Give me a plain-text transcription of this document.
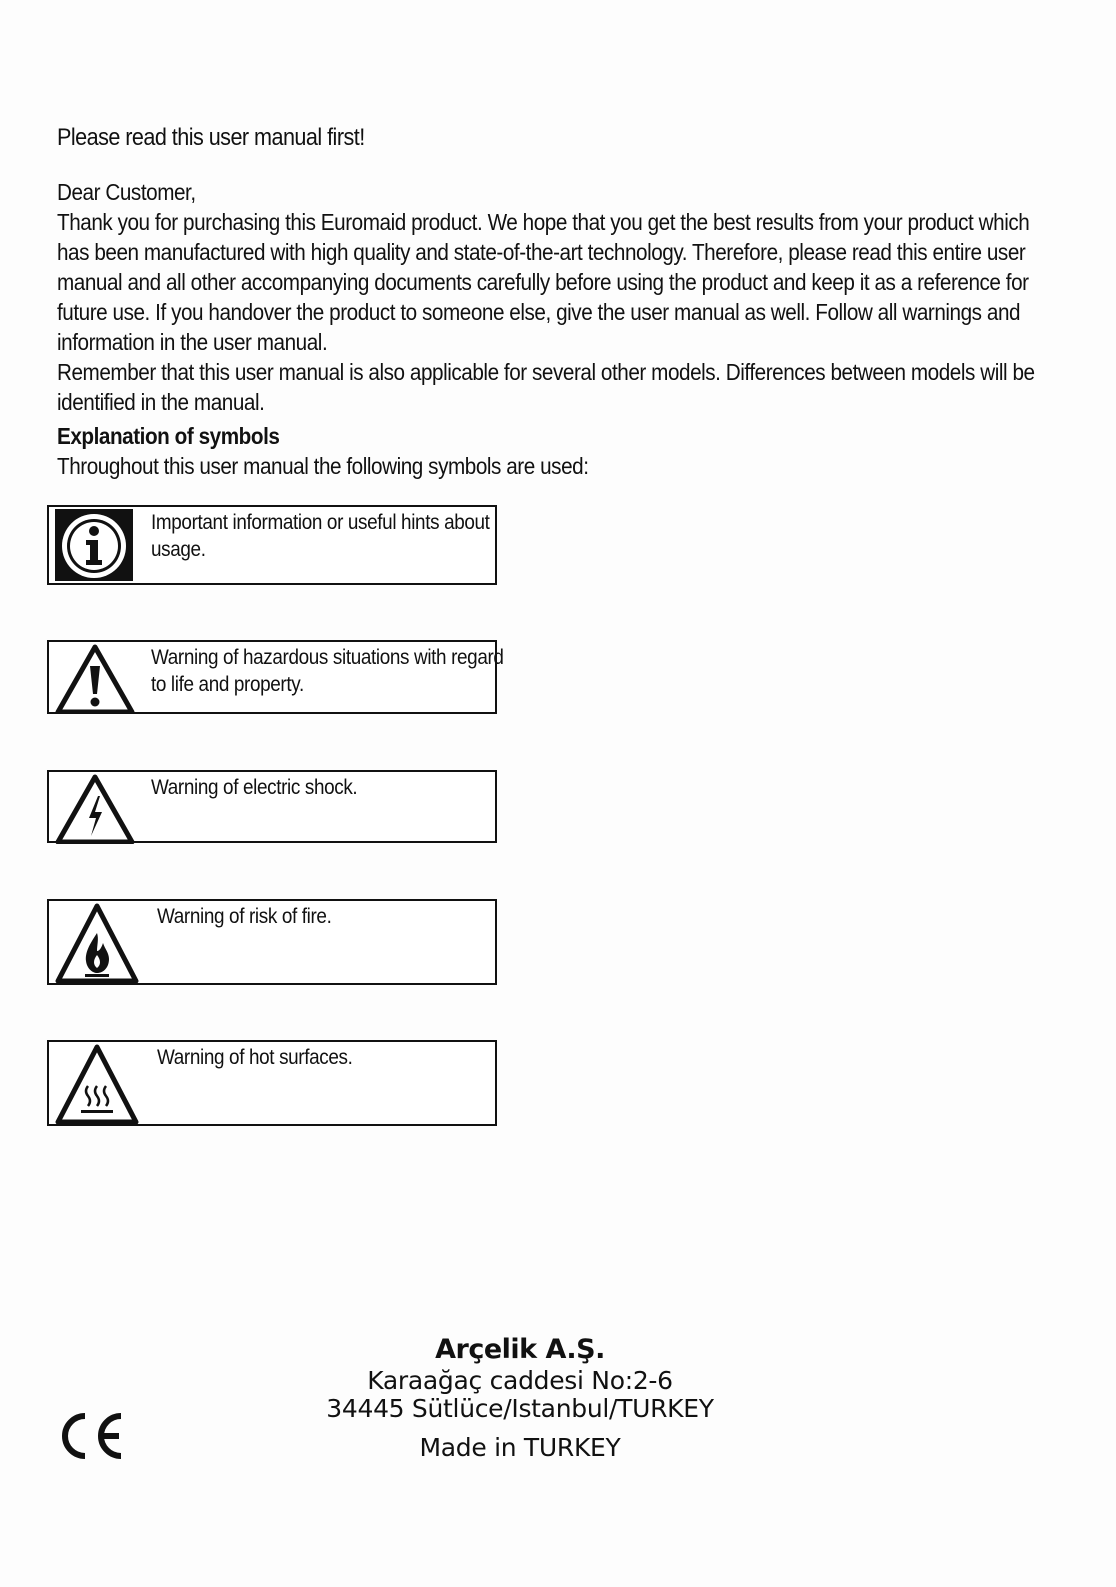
Please read this user manual first!

Dear Customer,

Thank you for purchasing this Euromaid product. We hope that you get the best results from your product which has been manufactured with high quality and state-of-the-art technology. Therefore, please read this entire user manual and all other accompanying documents carefully before using the product and keep it as a reference for future use. If you handover the product to someone else, give the user manual as well. Follow all warnings and information in the user manual.

Remember that this user manual is also applicable for several other models. Differences between models will be identified in the manual.

Explanation of symbols
Throughout this user manual the following symbols are used:
Important information or useful hints about usage.
Warning of hazardous situations with regard to life and property.
Warning of electric shock.
Warning of risk of fire.
Warning of hot surfaces.
Arçelik A.Ş.
Karaağaç caddesi No:2-6
34445 Sütlüce/Istanbul/TURKEY
Made in TURKEY
